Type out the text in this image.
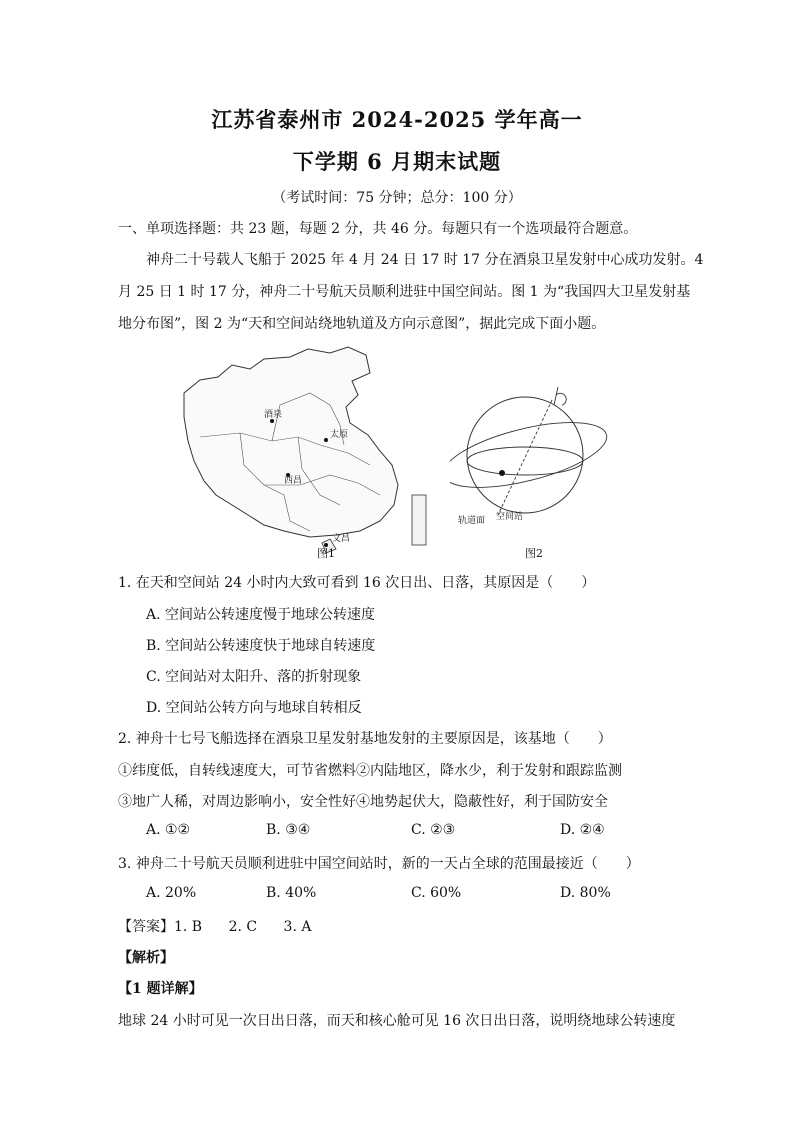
江苏省泰州市 2024-2025 学年高一
下学期 6 月期末试题
（考试时间：75 分钟；总分：100 分）
一、单项选择题：共 23 题，每题 2 分，共 46 分。每题只有一个选项最符合题意。
神舟二十号载人飞船于 2025 年 4 月 24 日 17 时 17 分在酒泉卫星发射中心成功发射。4
月 25 日 1 时 17 分，神舟二十号航天员顺利进驻中国空间站。图 1 为“我国四大卫星发射基
地分布图”，图 2 为“天和空间站绕地轨道及方向示意图”，据此完成下面小题。
酒泉
太原
西昌
文昌
轨道面 空间站
图1	图2
1. 在天和空间站 24 小时内大致可看到 16 次日出、日落，其原因是（　　）
A. 空间站公转速度慢于地球公转速度
B. 空间站公转速度快于地球自转速度
C. 空间站对太阳升、落的折射现象
D. 空间站公转方向与地球自转相反
2. 神舟十七号飞船选择在酒泉卫星发射基地发射的主要原因是，该基地（　　）
①纬度低，自转线速度大，可节省燃料②内陆地区，降水少，利于发射和跟踪监测
③地广人稀，对周边影响小，安全性好④地势起伏大，隐蔽性好，利于国防安全
A. ①②	B. ③④	C. ②③	D. ②④
3. 神舟二十号航天员顺利进驻中国空间站时，新的一天占全球的范围最接近（　　）
A. 20%	B. 40%	C. 60%	D. 80%
【答案】1. B 2. C 3. A
【解析】
【1 题详解】
地球 24 小时可见一次日出日落，而天和核心舱可见 16 次日出日落，说明绕地球公转速度
